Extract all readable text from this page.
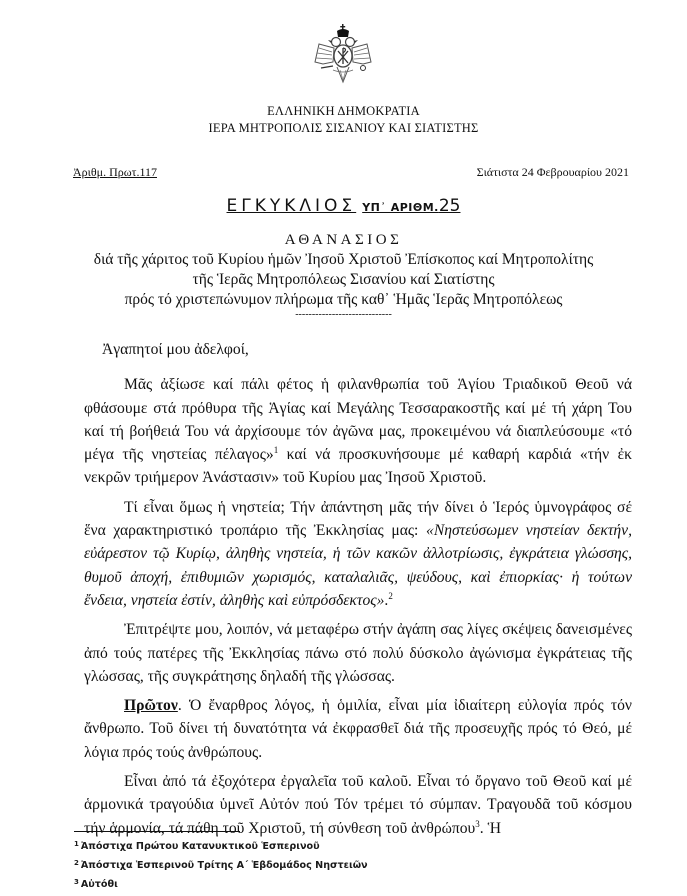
ΕΛΛΗΝΙΚΗ ΔΗΜΟΚΡΑΤΙΑ
ΙΕΡΑ ΜΗΤΡΟΠΟΛΙΣ ΣΙΣΑΝΙΟΥ ΚΑΙ ΣΙΑΤΙΣΤΗΣ
Ἀριθμ. Πρωτ.117	Σιάτιστα 24 Φεβρουαρίου 2021
ΕΓΚΥΚΛΙΟΣ ΥΠ᾽ ΑΡΙΘΜ.25
ΑΘΑΝΑΣΙΟΣ
διά τῆς χάριτος τοῦ Κυρίου ἡμῶν Ἰησοῦ Χριστοῦ Ἐπίσκοπος καί Μητροπολίτης
τῆς Ἱερᾶς Μητροπόλεως Σισανίου καί Σιατίστης
πρός τό χριστεπώνυμον πλήρωμα τῆς καθ᾽ Ἡμᾶς Ἱερᾶς Μητροπόλεως
-----------------------------

Ἀγαπητοί μου ἀδελφοί,

Μᾶς ἀξίωσε καί πάλι φέτος ἡ φιλανθρωπία τοῦ Ἁγίου Τριαδικοῦ Θεοῦ νά φθάσουμε στά πρόθυρα τῆς Ἁγίας καί Μεγάλης Τεσσαρακοστῆς καί μέ τή χάρη Του καί τή βοήθειά Του νά ἀρχίσουμε τόν ἀγῶνα μας, προκειμένου νά διαπλεύσουμε «τό μέγα τῆς νηστείας πέλαγος»$^1$ καί νά προσκυνήσουμε μέ καθαρή καρδιά «τήν ἐκ νεκρῶν τριήμερον Ἀνάστασιν» τοῦ Κυρίου μας Ἰησοῦ Χριστοῦ.

Τί εἶναι ὅμως ἡ νηστεία; Τήν ἀπάντηση μᾶς τήν δίνει ὁ Ἱερός ὑμνογράφος σέ ἕνα χαρακτηριστικό τροπάριο τῆς Ἐκκλησίας μας: «Νηστεύσωμεν νηστείαν δεκτήν, εὐάρεστον τῷ Κυρίῳ, ἀληθὴς νηστεία, ἡ τῶν κακῶν ἀλλοτρίωσις, ἐγκράτεια γλώσσης, θυμοῦ ἀποχή, ἐπιθυμιῶν χωρισμός, καταλαλιᾶς, ψεύδους, καὶ ἐπιορκίας· ἡ τούτων ἔνδεια, νηστεία ἐστίν, ἀληθὴς καὶ εὐπρόσδεκτος».$^2$

Ἐπιτρέψτε μου, λοιπόν, νά μεταφέρω στήν ἀγάπη σας λίγες σκέψεις δανεισμένες ἀπό τούς πατέρες τῆς Ἐκκλησίας πάνω στό πολύ δύσκολο ἀγώνισμα ἐγκράτειας τῆς γλώσσας, τῆς συγκράτησης δηλαδή τῆς γλώσσας.

Πρῶτον. Ὁ ἔναρθρος λόγος, ἡ ὁμιλία, εἶναι μία ἰδιαίτερη εὐλογία πρός τόν ἄνθρωπο. Τοῦ δίνει τή δυνατότητα νά ἐκφρασθεῖ διά τῆς προσευχῆς πρός τό Θεό, μέ λόγια πρός τούς ἀνθρώπους.

Εἶναι ἀπό τά ἐξοχότερα ἐργαλεῖα τοῦ καλοῦ. Εἶναι τό ὄργανο τοῦ Θεοῦ καί μέ ἁρμονικά τραγούδια ὑμνεῖ Αὐτόν πού Τόν τρέμει τό σύμπαν. Τραγουδᾶ τοῦ κόσμου τήν ἁρμονία, τά πάθη τοῦ Χριστοῦ, τή σύνθεση τοῦ ἀνθρώπου$^3$. Ἡ

$^1$ Ἀπόστιχα Πρώτου Κατανυκτικοῦ Ἑσπερινοῦ
$^2$ Ἀπόστιχα Ἑσπερινοῦ Τρίτης Α΄ Ἑβδομάδος Νηστειῶν
$^3$ Αὐτόθι
